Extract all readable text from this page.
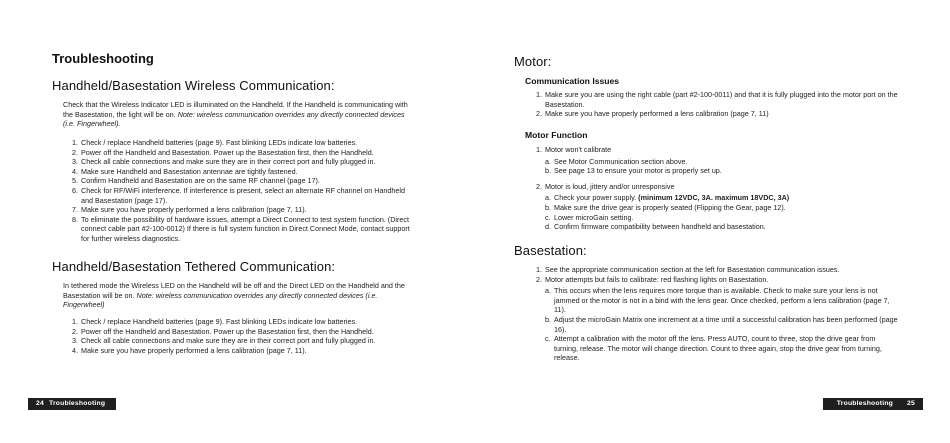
Troubleshooting
Handheld/Basestation Wireless Communication:

Check that the Wireless Indicator LED is illuminated on the Handheld. If the Handheld is communicating with the Basestation, the light will be on. Note: wireless communication overrides any directly connected devices (i.e. Fingerwheel).

1. Check / replace Handheld batteries (page 9). Fast blinking LEDs indicate low batteries.
2. Power off the Handheld and Basestation. Power up the Basestation first, then the Handheld.
3. Check all cable connections and make sure they are in their correct port and fully plugged in.
4. Make sure Handheld and Basestation antennae are tightly fastened.
5. Confirm Handheld and Basestation are on the same RF channel (page 17).
6. Check for RF/WiFi interference. If interference is present, select an alternate RF channel on Handheld and Basestation (page 17).
7. Make sure you have properly performed a lens calibration (page 7, 11).
8. To eliminate the possibility of hardware issues, attempt a Direct Connect to test system function. (Direct connect cable part #2-100-0012) If there is full system function in Direct Connect Mode, contact support for further wireless diagnostics.
Handheld/Basestation Tethered Communication:

In tethered mode the Wireless LED on the Handheld will be off and the Direct LED on the Handheld and the Basestation will be on. Note: wireless communication overrides any directly connected devices (i.e. Fingerwheel)

1. Check / replace Handheld batteries (page 9). Fast blinking LEDs indicate low batteries.
2. Power off the Handheld and Basestation. Power up the Basestation first, then the Handheld.
3. Check all cable connections and make sure they are in their correct port and fully plugged in.
4. Make sure you have properly performed a lens calibration (page 7, 11).
Motor:
Communication Issues
1. Make sure you are using the right cable (part #2-100-0011) and that it is fully plugged into the motor port on the Basestation.
2. Make sure you have properly performed a lens calibration (page 7, 11)
Motor Function
1. Motor won't calibrate
a. See Motor Communication section above.
b. See page 13 to ensure your motor is properly set up.
2. Motor is loud, jittery and/or unresponsive
a. Check your power supply. (minimum 12VDC, 3A. maximum 18VDC, 3A)
b. Make sure the drive gear is properly seated (Flipping the Gear, page 12).
c. Lower microGain setting.
d. Confirm firmware compatibility between handheld and basestation.
Basestation:
1. See the appropriate communication section at the left for Basestation communication issues.
2. Motor attempts but fails to calibrate: red flashing lights on Basestation.
a. This occurs when the lens requires more torque than is available. Check to make sure your lens is not jammed or the motor is not in a bind with the lens gear. Once checked, perform a lens calibration (page 7, 11).
b. Adjust the microGain Matrix one increment at a time until a successful calibration has been performed (page 16).
c. Attempt a calibration with the motor off the lens. Press AUTO, count to three, stop the drive gear from turning, release. The motor will change direction. Count to three again, stop the drive gear from turning, release.
24 Troubleshooting	Troubleshooting 25
